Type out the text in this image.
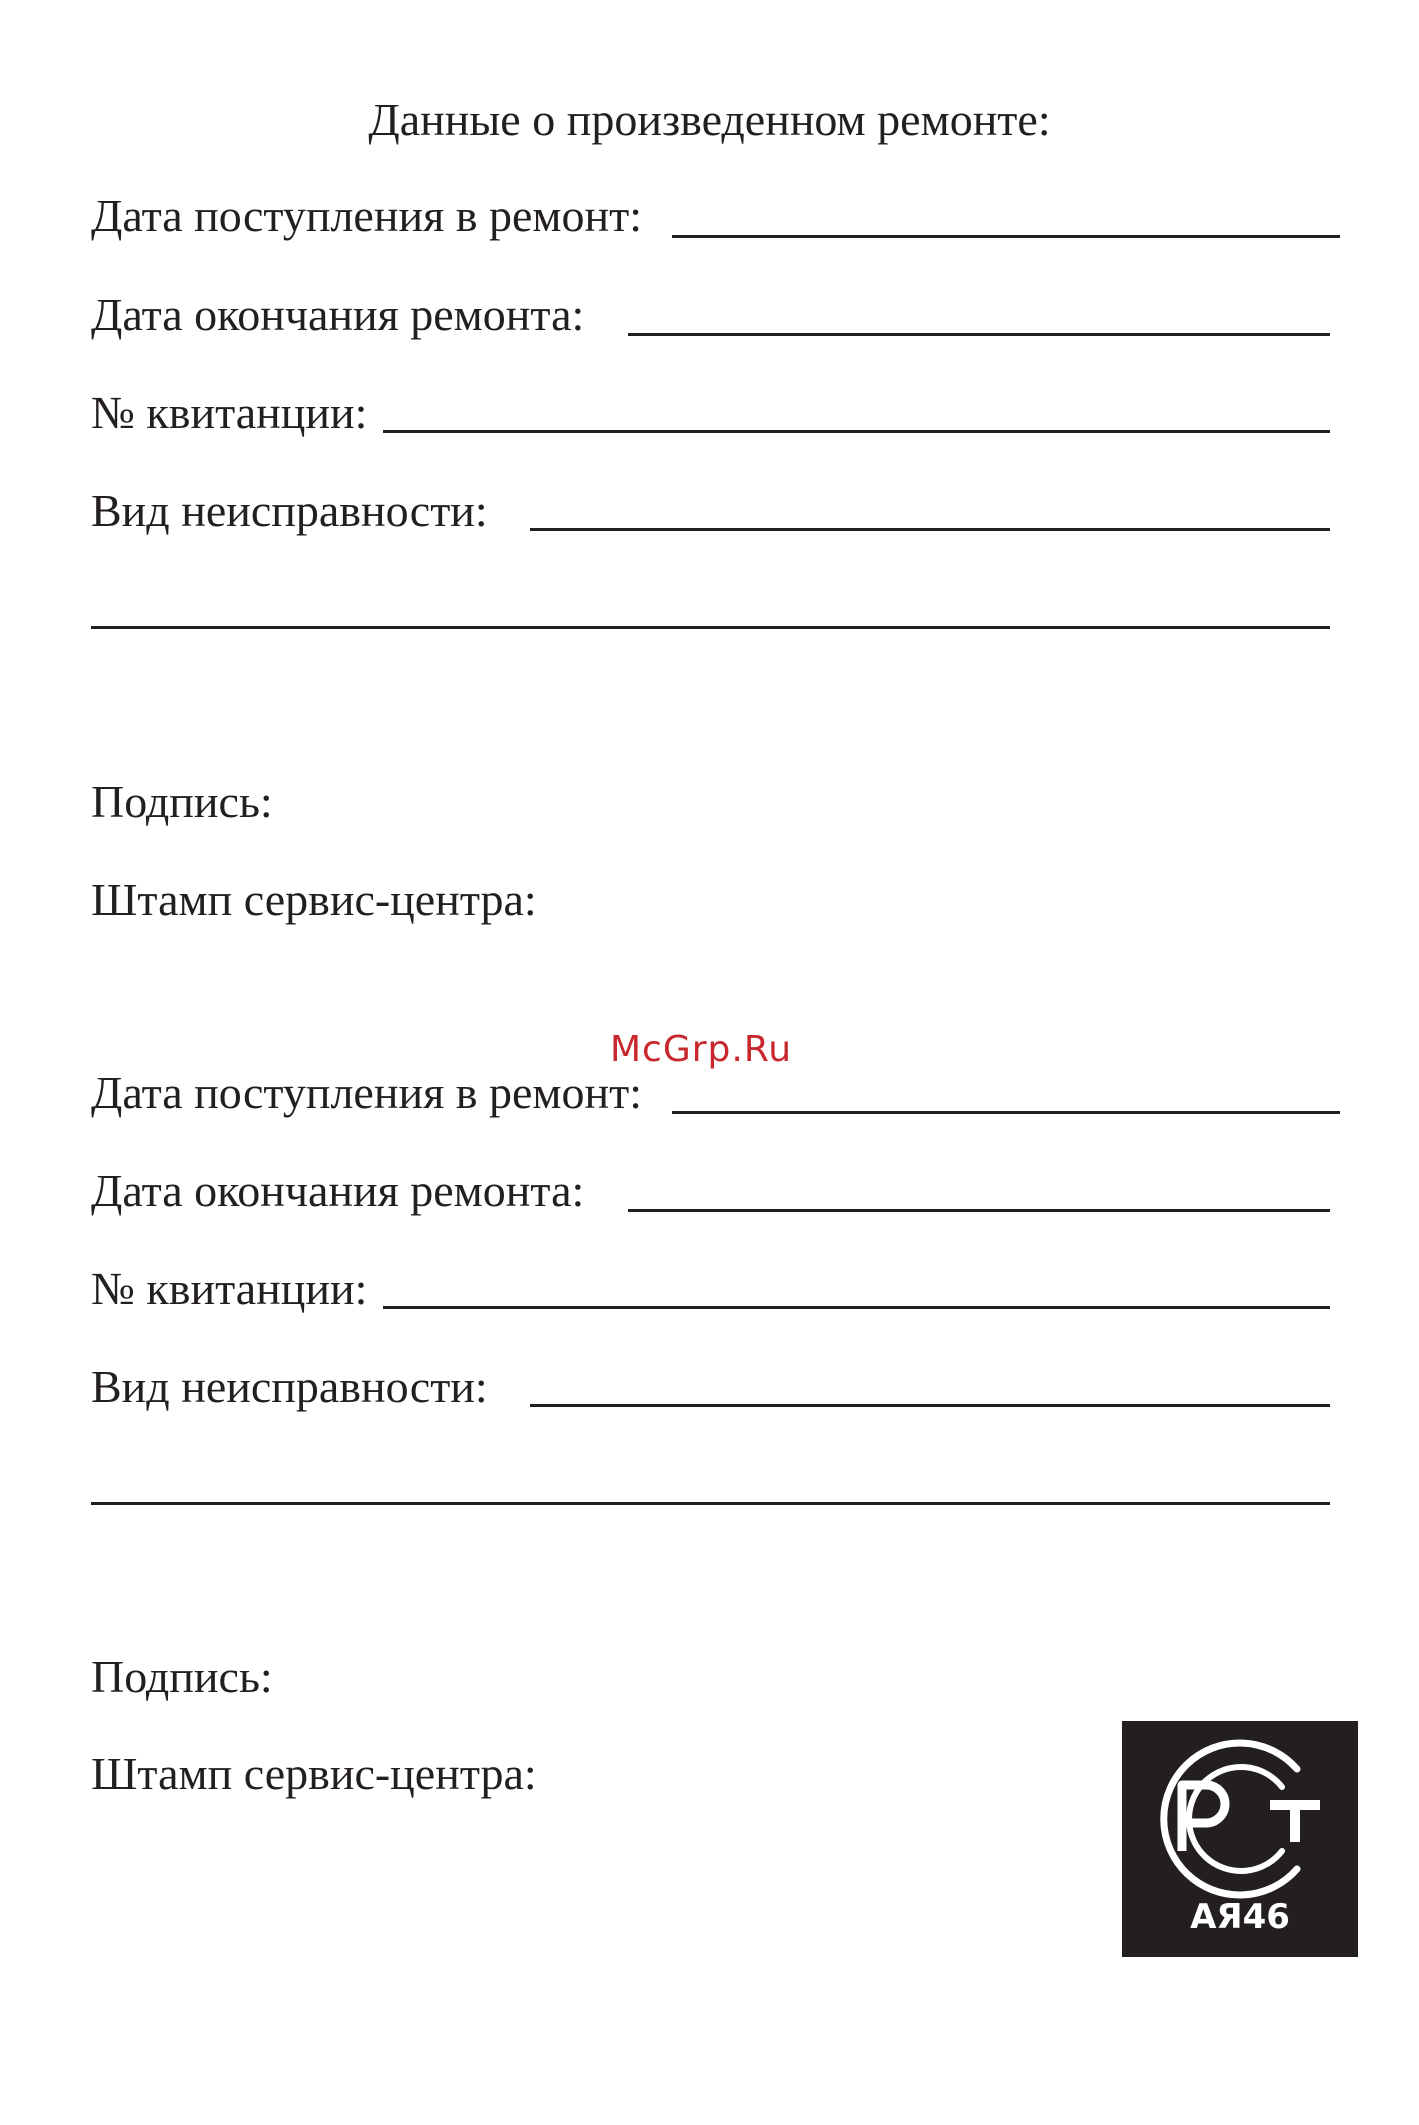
Данные о произведенном ремонте:
Дата поступления в ремонт:
Дата окончания ремонта:
№ квитанции:
Вид неисправности:
Подпись:
Штамп сервис-центра:
McGrp.Ru
Дата поступления в ремонт:
Дата окончания ремонта:
№ квитанции:
Вид неисправности:
Подпись:
Штамп сервис-центра:
АЯ46
